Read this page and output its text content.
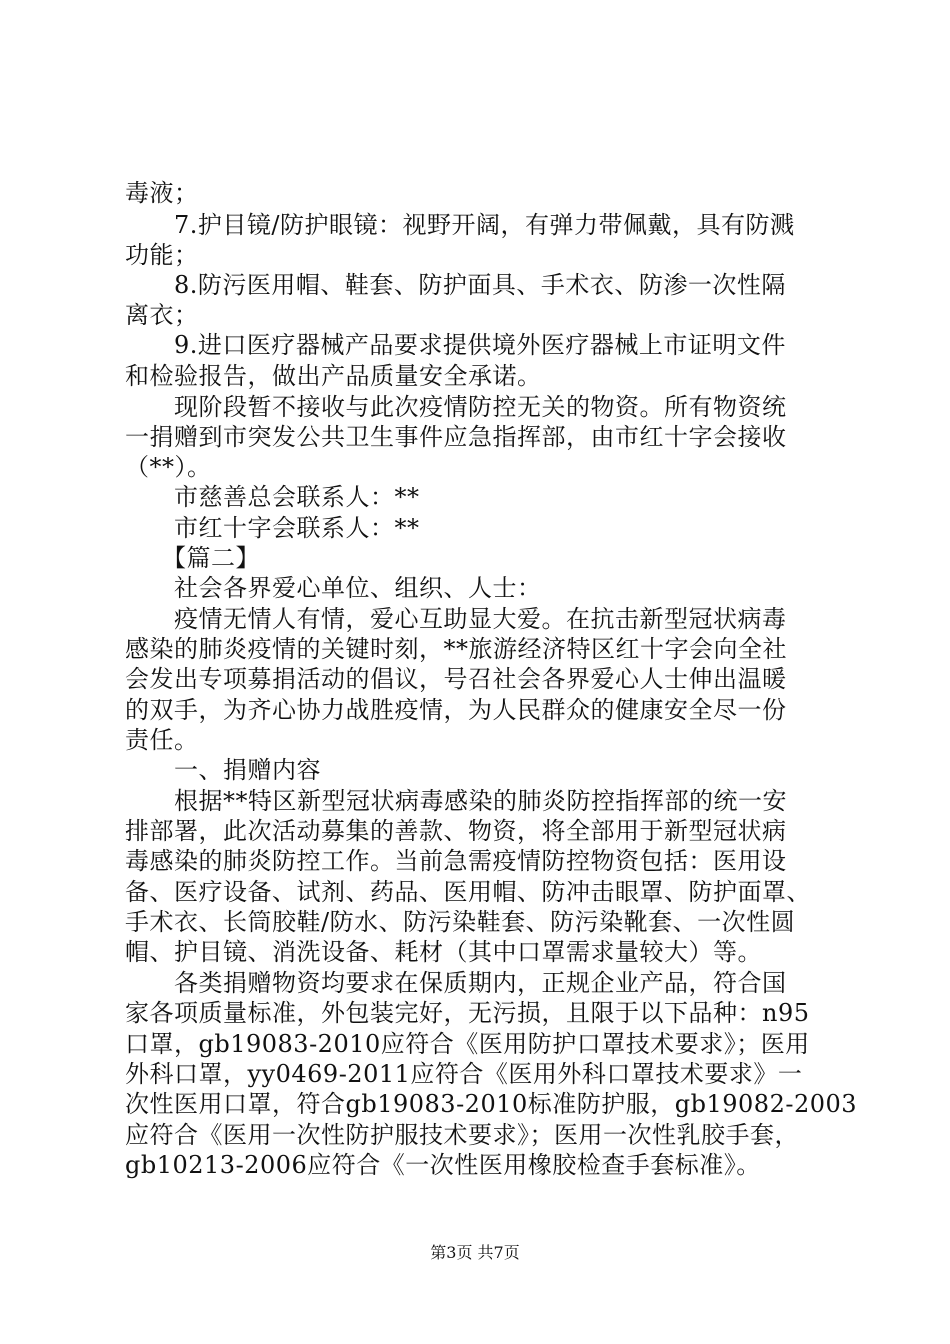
毒液；
　　7.护目镜/防护眼镜：视野开阔，有弹力带佩戴，具有防溅
功能；
　　8.防污医用帽、鞋套、防护面具、手术衣、防渗一次性隔
离衣；
　　9.进口医疗器械产品要求提供境外医疗器械上市证明文件
和检验报告，做出产品质量安全承诺。
　　现阶段暂不接收与此次疫情防控无关的物资。所有物资统
一捐赠到市突发公共卫生事件应急指挥部，由市红十字会接收
（**）。
　　市慈善总会联系人：**
　　市红十字会联系人：**
　　【篇二】
　　社会各界爱心单位、组织、人士：
　　疫情无情人有情，爱心互助显大爱。在抗击新型冠状病毒
感染的肺炎疫情的关键时刻，**旅游经济特区红十字会向全社
会发出专项募捐活动的倡议，号召社会各界爱心人士伸出温暖
的双手，为齐心协力战胜疫情，为人民群众的健康安全尽一份
责任。
　　一、捐赠内容
　　根据**特区新型冠状病毒感染的肺炎防控指挥部的统一安
排部署，此次活动募集的善款、物资，将全部用于新型冠状病
毒感染的肺炎防控工作。当前急需疫情防控物资包括：医用设
备、医疗设备、试剂、药品、医用帽、防冲击眼罩、防护面罩、
手术衣、长筒胶鞋/防水、防污染鞋套、防污染靴套、一次性圆
帽、护目镜、消洗设备、耗材（其中口罩需求量较大）等。
　　各类捐赠物资均要求在保质期内，正规企业产品，符合国
家各项质量标准，外包装完好，无污损，且限于以下品种：n95
口罩，gb19083-2010应符合《医用防护口罩技术要求》；医用
外科口罩，yy0469-2011应符合《医用外科口罩技术要求》一
次性医用口罩，符合gb19083-2010标准防护服，gb19082-2003
应符合《医用一次性防护服技术要求》；医用一次性乳胶手套，
gb10213-2006应符合《一次性医用橡胶检查手套标准》。
第3页 共7页
